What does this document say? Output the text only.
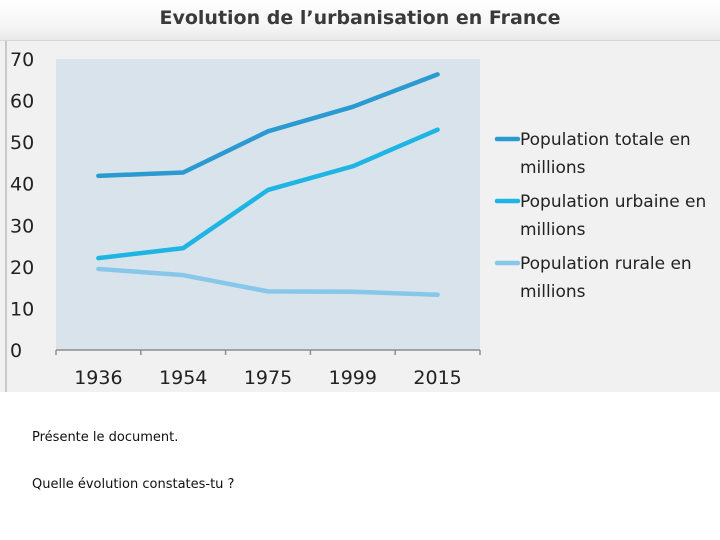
Evolution de l’urbanisation en France
0
10
20
30
40
50
60
70
1936 1954 1975 1999 2015
Population totale en millions
Population urbaine en millions
Population rurale en millions
Présente le document.
Quelle évolution constates-tu ?
